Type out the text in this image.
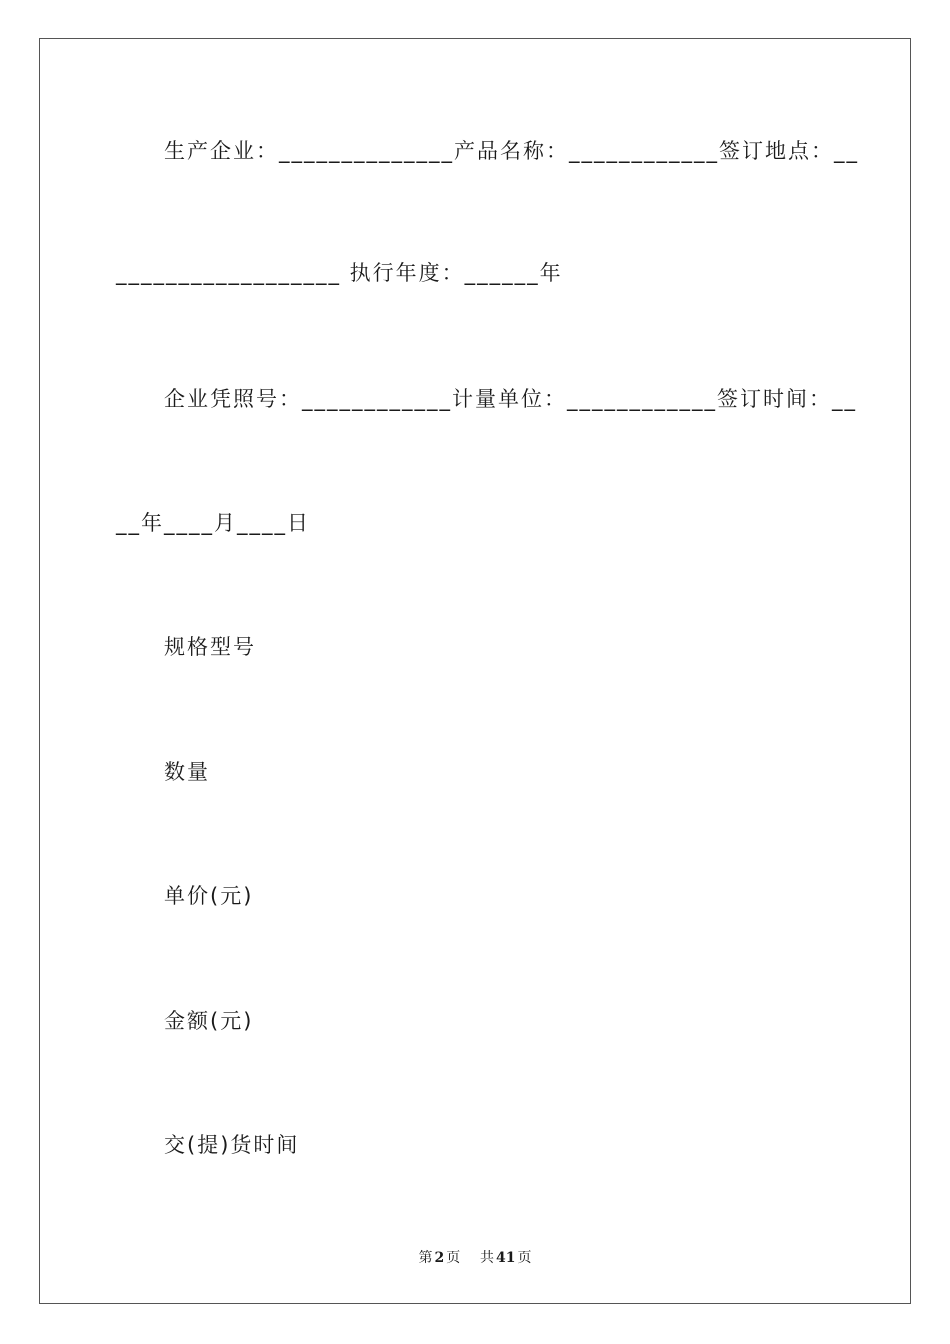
生产企业：______________产品名称：____________签订地点：__
__________________ 执行年度：______年
企业凭照号：____________计量单位：____________签订时间：__
__年____月____日
规格型号
数量
单价(元)
金额(元)
交(提)货时间
第 2 页 共 41 页
